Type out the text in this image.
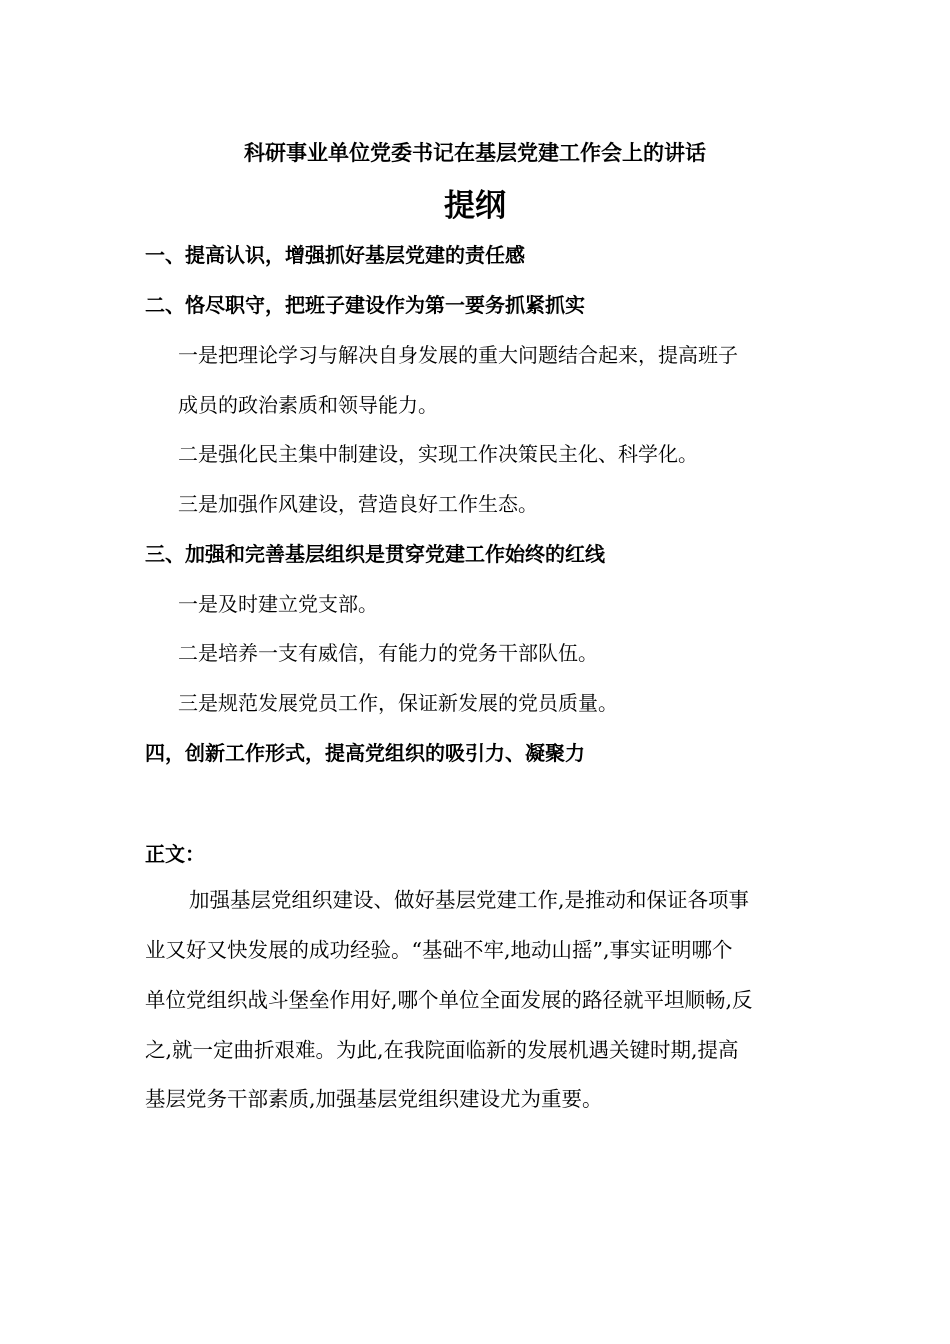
科研事业单位党委书记在基层党建工作会上的讲话

提纲

一、提高认识，增强抓好基层党建的责任感

二、恪尽职守，把班子建设作为第一要务抓紧抓实

一是把理论学习与解决自身发展的重大问题结合起来，提高班子

成员的政治素质和领导能力。

二是强化民主集中制建设，实现工作决策民主化、科学化。

三是加强作风建设，营造良好工作生态。

三、加强和完善基层组织是贯穿党建工作始终的红线

一是及时建立党支部。

二是培养一支有威信，有能力的党务干部队伍。

三是规范发展党员工作，保证新发展的党员质量。

四，创新工作形式，提高党组织的吸引力、凝聚力

正文：

加强基层党组织建设、做好基层党建工作,是推动和保证各项事

业又好又快发展的成功经验。“基础不牢,地动山摇”,事实证明哪个

单位党组织战斗堡垒作用好,哪个单位全面发展的路径就平坦顺畅,反

之,就一定曲折艰难。为此,在我院面临新的发展机遇关键时期,提高

基层党务干部素质,加强基层党组织建设尤为重要。
